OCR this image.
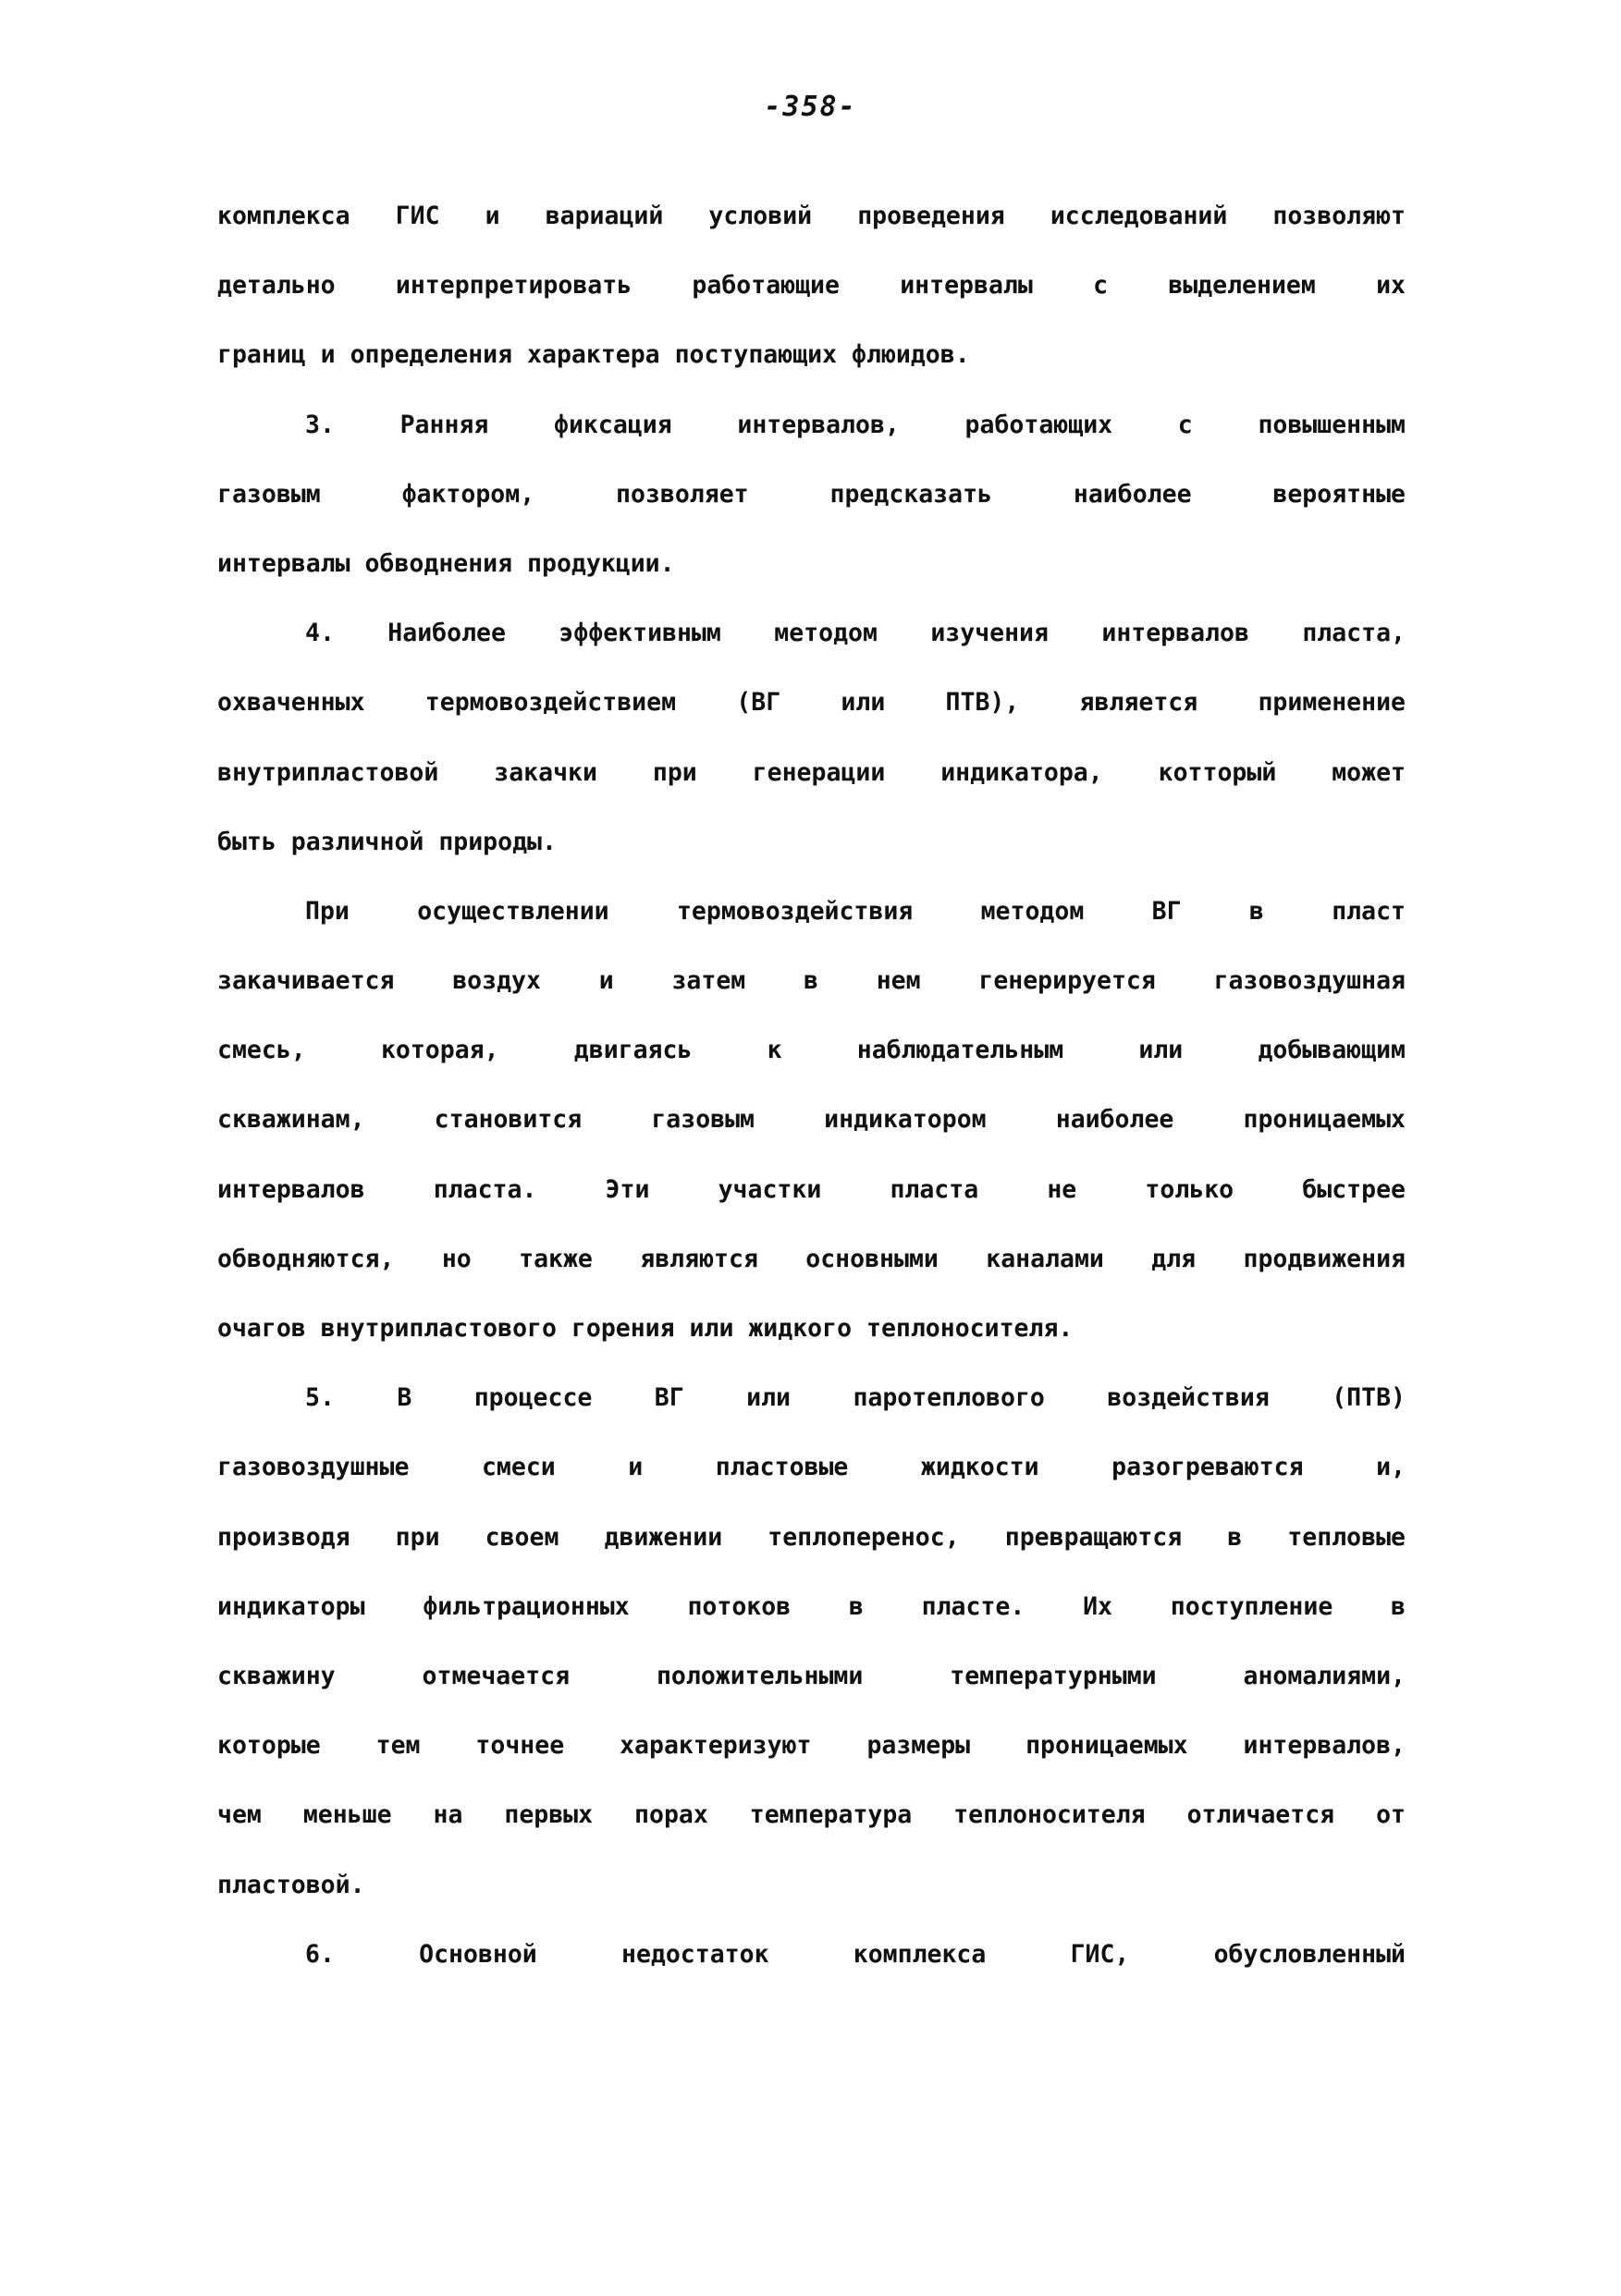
-358-
комплекса ГИС и вариаций условий проведения исследований позволяют
детально интерпретировать работающие интервалы с выделением их
границ и определения характера поступающих флюидов.
3. Ранняя фиксация интервалов, работающих с повышенным
газовым фактором, позволяет предсказать наиболее вероятные
интервалы обводнения продукции.
4. Наиболее эффективным методом изучения интервалов пласта,
охваченных термовоздействием (ВГ или ПТВ), является применение
внутрипластовой закачки при генерации индикатора, котторый может
быть различной природы.
При осуществлении термовоздействия методом ВГ в пласт
закачивается воздух и затем в нем генерируется газовоздушная
смесь, которая, двигаясь к наблюдательным или добывающим
скважинам, становится газовым индикатором наиболее проницаемых
интервалов пласта. Эти участки пласта не только быстрее
обводняются, но также являются основными каналами для продвижения
очагов внутрипластового горения или жидкого теплоносителя.
5. В процессе ВГ или паротеплового воздействия (ПТВ)
газовоздушные смеси и пластовые жидкости разогреваются и,
производя при своем движении теплоперенос, превращаются в тепловые
индикаторы фильтрационных потоков в пласте. Их поступление в
скважину отмечается положительными температурными аномалиями,
которые тем точнее характеризуют размеры проницаемых интервалов,
чем меньше на первых порах температура теплоносителя отличается от
пластовой.
6. Основной недостаток комплекса ГИС, обусловленный
